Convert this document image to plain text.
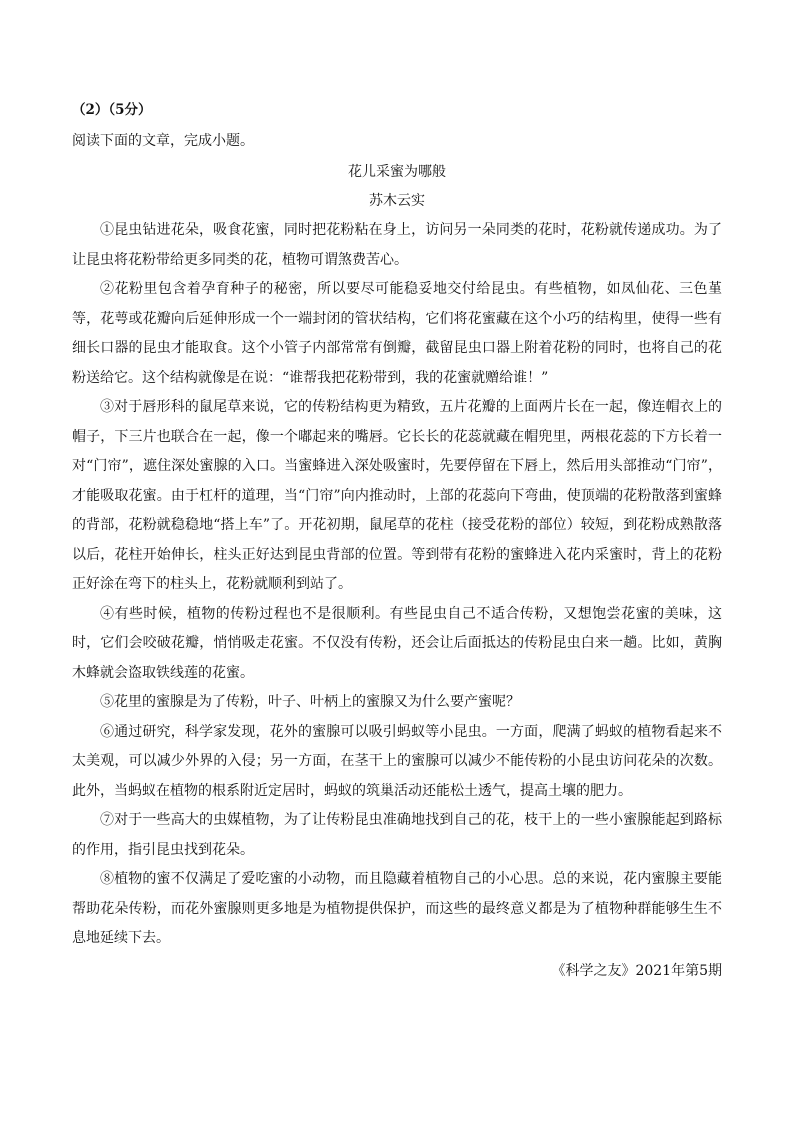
（2）（5分）

阅读下面的文章，完成小题。

花儿采蜜为哪般

苏木云实

①昆虫钻进花朵，吸食花蜜，同时把花粉粘在身上，访问另一朵同类的花时，花粉就传递成功。为了让昆虫将花粉带给更多同类的花，植物可谓煞费苦心。

②花粉里包含着孕育种子的秘密，所以要尽可能稳妥地交付给昆虫。有些植物，如凤仙花、三色堇等，花萼或花瓣向后延伸形成一个一端封闭的管状结构，它们将花蜜藏在这个小巧的结构里，使得一些有细长口器的昆虫才能取食。这个小管子内部常常有倒瓣，截留昆虫口器上附着花粉的同时，也将自己的花粉送给它。这个结构就像是在说：“谁帮我把花粉带到，我的花蜜就赠给谁！”

③对于唇形科的鼠尾草来说，它的传粉结构更为精致，五片花瓣的上面两片长在一起，像连帽衣上的帽子，下三片也联合在一起，像一个嘟起来的嘴唇。它长长的花蕊就藏在帽兜里，两根花蕊的下方长着一对“门帘”，遮住深处蜜腺的入口。当蜜蜂进入深处吸蜜时，先要停留在下唇上，然后用头部推动“门帘”，才能吸取花蜜。由于杠杆的道理，当“门帘”向内推动时，上部的花蕊向下弯曲，使顶端的花粉散落到蜜蜂的背部，花粉就稳稳地“搭上车”了。开花初期，鼠尾草的花柱（接受花粉的部位）较短，到花粉成熟散落以后，花柱开始伸长，柱头正好达到昆虫背部的位置。等到带有花粉的蜜蜂进入花内采蜜时，背上的花粉正好涂在弯下的柱头上，花粉就顺利到站了。

④有些时候，植物的传粉过程也不是很顺利。有些昆虫自己不适合传粉，又想饱尝花蜜的美味，这时，它们会咬破花瓣，悄悄吸走花蜜。不仅没有传粉，还会让后面抵达的传粉昆虫白来一趟。比如，黄胸木蜂就会盗取铁线莲的花蜜。

⑤花里的蜜腺是为了传粉，叶子、叶柄上的蜜腺又为什么要产蜜呢？

⑥通过研究，科学家发现，花外的蜜腺可以吸引蚂蚁等小昆虫。一方面，爬满了蚂蚁的植物看起来不太美观，可以减少外界的入侵；另一方面，在茎干上的蜜腺可以减少不能传粉的小昆虫访问花朵的次数。此外，当蚂蚁在植物的根系附近定居时，蚂蚁的筑巢活动还能松土透气，提高土壤的肥力。

⑦对于一些高大的虫媒植物，为了让传粉昆虫准确地找到自己的花，枝干上的一些小蜜腺能起到路标的作用，指引昆虫找到花朵。

⑧植物的蜜不仅满足了爱吃蜜的小动物，而且隐藏着植物自己的小心思。总的来说，花内蜜腺主要能帮助花朵传粉，而花外蜜腺则更多地是为植物提供保护，而这些的最终意义都是为了植物种群能够生生不息地延续下去。

《科学之友》2021年第5期
